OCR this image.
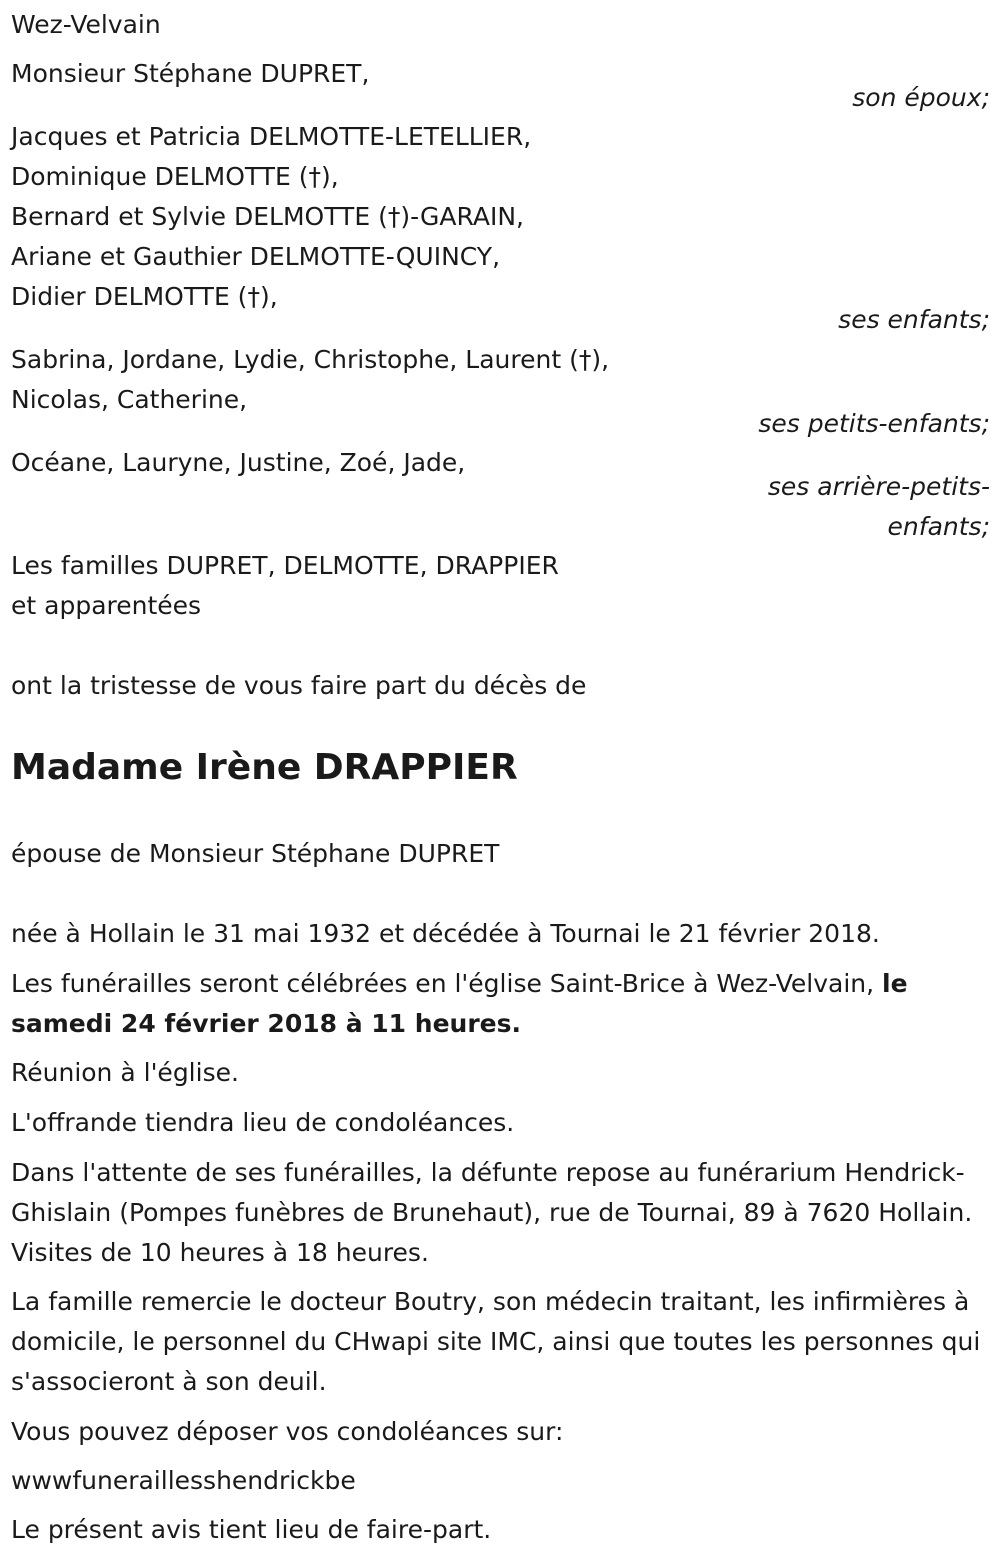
Wez-Velvain

Monsieur Stéphane DUPRET,

son époux;

Jacques et Patricia DELMOTTE-LETELLIER,

Dominique DELMOTTE (†),

Bernard et Sylvie DELMOTTE (†)-GARAIN,

Ariane et Gauthier DELMOTTE-QUINCY,

Didier DELMOTTE (†),

ses enfants;

Sabrina, Jordane, Lydie, Christophe, Laurent (†),

Nicolas, Catherine,

ses petits-enfants;

Océane, Lauryne, Justine, Zoé, Jade,

ses arrière-petits-

enfants;

Les familles DUPRET, DELMOTTE, DRAPPIER

et apparentées

ont la tristesse de vous faire part du décès de

Madame Irène DRAPPIER

épouse de Monsieur Stéphane DUPRET

née à Hollain le 31 mai 1932 et décédée à Tournai le 21 février 2018.

Les funérailles seront célébrées en l'église Saint-Brice à Wez-Velvain, le samedi 24 février 2018 à 11 heures.

Réunion à l'église.

L'offrande tiendra lieu de condoléances.

Dans l'attente de ses funérailles, la défunte repose au funérarium Hendrick-Ghislain (Pompes funèbres de Brunehaut), rue de Tournai, 89 à 7620 Hollain. Visites de 10 heures à 18 heures.

La famille remercie le docteur Boutry, son médecin traitant, les infirmières à domicile, le personnel du CHwapi site IMC, ainsi que toutes les personnes qui s'associeront à son deuil.

Vous pouvez déposer vos condoléances sur:

wwwfuneraillesshendrickbe

Le présent avis tient lieu de faire-part.
